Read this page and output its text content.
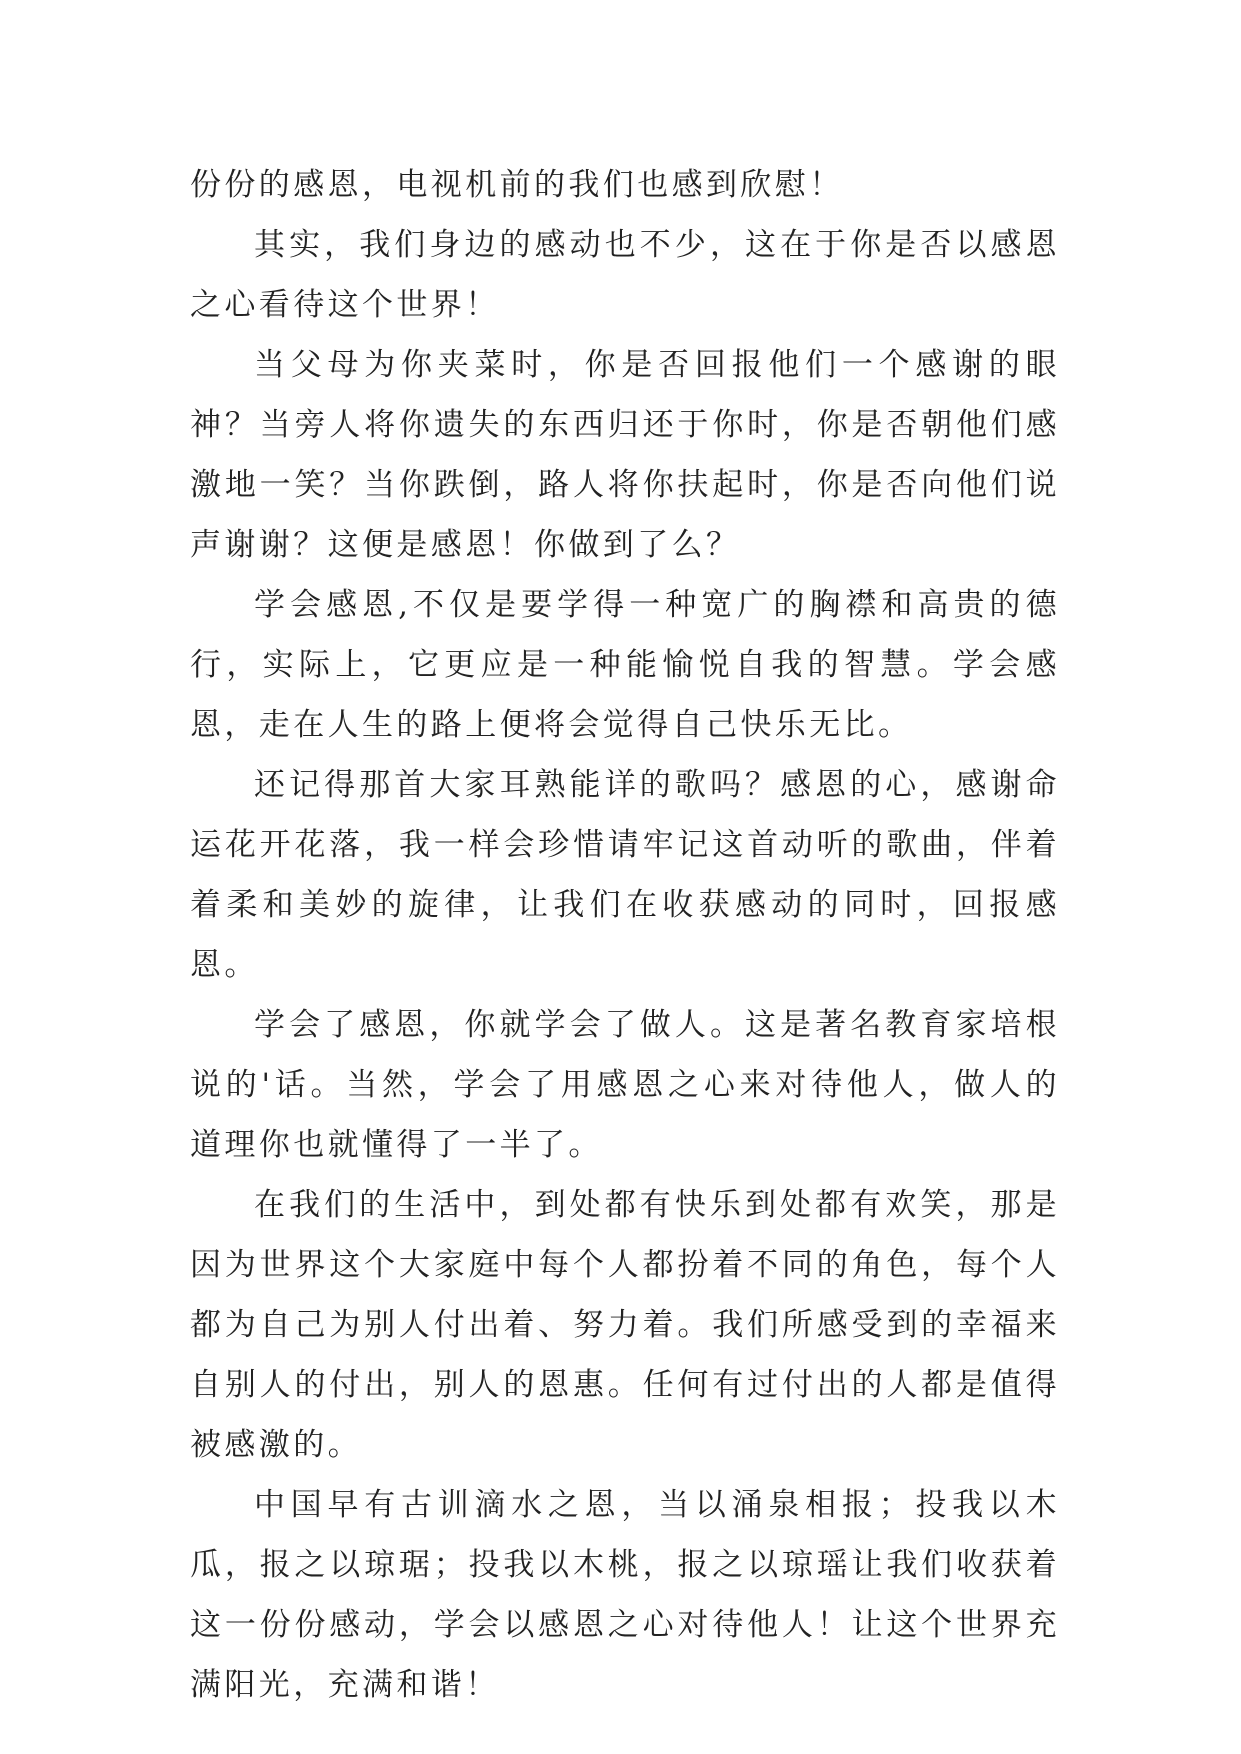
份份的感恩，电视机前的我们也感到欣慰！

其实，我们身边的感动也不少，这在于你是否以感恩之心看待这个世界！

当父母为你夹菜时，你是否回报他们一个感谢的眼神？当旁人将你遗失的东西归还于你时，你是否朝他们感激地一笑？当你跌倒，路人将你扶起时，你是否向他们说声谢谢？这便是感恩！你做到了么？

学会感恩,不仅是要学得一种宽广的胸襟和高贵的德行，实际上，它更应是一种能愉悦自我的智慧。学会感恩，走在人生的路上便将会觉得自己快乐无比。

还记得那首大家耳熟能详的歌吗？感恩的心，感谢命运花开花落，我一样会珍惜请牢记这首动听的歌曲，伴着着柔和美妙的旋律，让我们在收获感动的同时，回报感恩。

学会了感恩，你就学会了做人。这是著名教育家培根说的'话。当然，学会了用感恩之心来对待他人，做人的道理你也就懂得了一半了。

在我们的生活中，到处都有快乐到处都有欢笑，那是因为世界这个大家庭中每个人都扮着不同的角色，每个人都为自己为别人付出着、努力着。我们所感受到的幸福来自别人的付出，别人的恩惠。任何有过付出的人都是值得被感激的。

中国早有古训滴水之恩，当以涌泉相报；投我以木瓜，报之以琼琚；投我以木桃，报之以琼瑶让我们收获着这一份份感动，学会以感恩之心对待他人！让这个世界充满阳光，充满和谐！
